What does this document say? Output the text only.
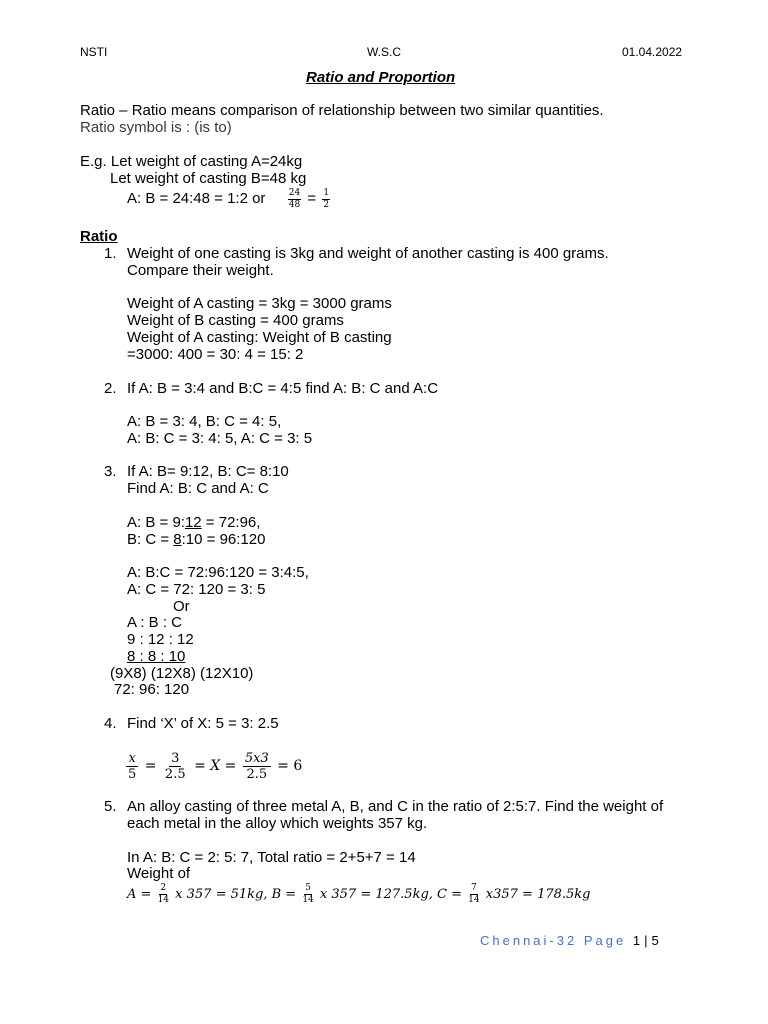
NSTI	W.S.C	01.04.2022
Ratio and Proportion
Ratio – Ratio means comparison of relationship between two similar quantities.
Ratio symbol is : (is to)
E.g. Let weight of casting A=24kg
Let weight of casting B=48 kg
A: B = 24:48 = 1:2 or $\frac{24}{48} = \frac{1}{2}$
Ratio
1. Weight of one casting is 3kg and weight of another casting is 400 grams.
Compare their weight.
Weight of A casting = 3kg = 3000 grams
Weight of B casting = 400 grams
Weight of A casting: Weight of B casting
=3000: 400 = 30: 4 = 15: 2
2. If A: B = 3:4 and B:C = 4:5 find A: B: C and A:C
A: B = 3: 4, B: C = 4: 5,
A: B: C = 3: 4: 5, A: C = 3: 5
3. If A: B= 9:12, B: C= 8:10
Find A: B: C and A: C
A: B = 9:12 = 72:96,
B: C = 8:10 = 96:120
A: B:C = 72:96:120 = 3:4:5,
A: C = 72: 120 = 3: 5
Or
A : B : C
9 : 12 : 12
8 : 8 : 10
(9X8) (12X8) (12X10)
72: 96: 120
4. Find ‘X’ of X: 5 = 3: 2.5
$\frac{x}{5} = \frac{3}{2.5} = X = \frac{5x3}{2.5} = 6$
5. An alloy casting of three metal A, B, and C in the ratio of 2:5:7. Find the weight of
each metal in the alloy which weights 357 kg.
In A: B: C = 2: 5: 7, Total ratio = 2+5+7 = 14
Weight of
$A = \frac{2}{14}$ x 357 = 51kg, $B = \frac{5}{14}$ x 357 = 127.5kg, $C = \frac{7}{14} x357 = 178.5kg$
Chennai-32 Page 1 | 5
